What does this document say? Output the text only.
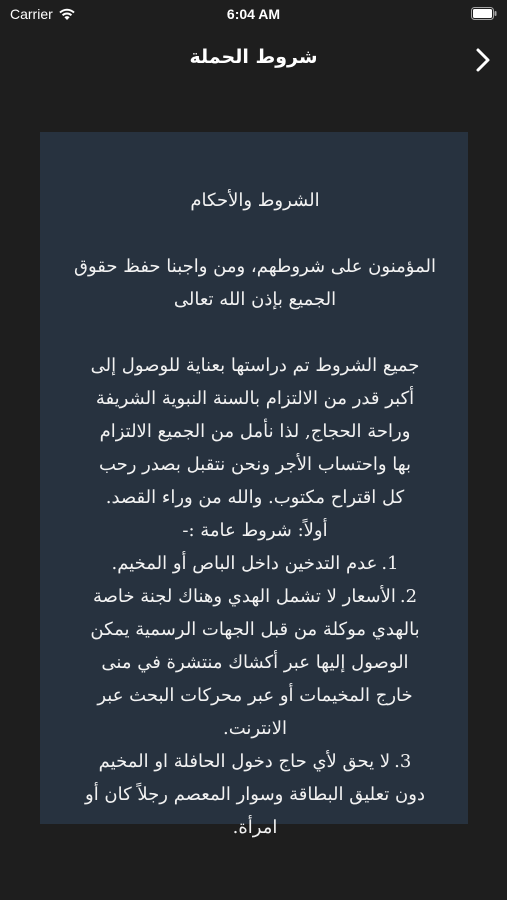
Carrier	6:04 AM
شروط الحملة

الشروط والأحكام

المؤمنون على شروطهم، ومن واجبنا حفظ حقوق

الجميع بإذن الله تعالى

جميع الشروط تم دراستها بعناية للوصول إلى

أكبر قدر من الالتزام بالسنة النبوية الشريفة

وراحة الحجاج, لذا نأمل من الجميع الالتزام

بها واحتساب الأجر ونحن نتقبل بصدر رحب

كل اقتراح مكتوب. والله من وراء القصد.

أولاً: شروط عامة :-

1.

عدم التدخين داخل الباص أو المخيم.

2.

الأسعار لا تشمل الهدي وهناك لجنة خاصة

بالهدي موكلة من قبل الجهات الرسمية يمكن

الوصول إليها عبر أكشاك منتشرة في منى

خارج المخيمات أو عبر محركات البحث عبر

الانترنت.

3.

لا يحق لأي حاج دخول الحافلة او المخيم

دون تعليق البطاقة وسوار المعصم رجلاً كان أو

امرأة.
